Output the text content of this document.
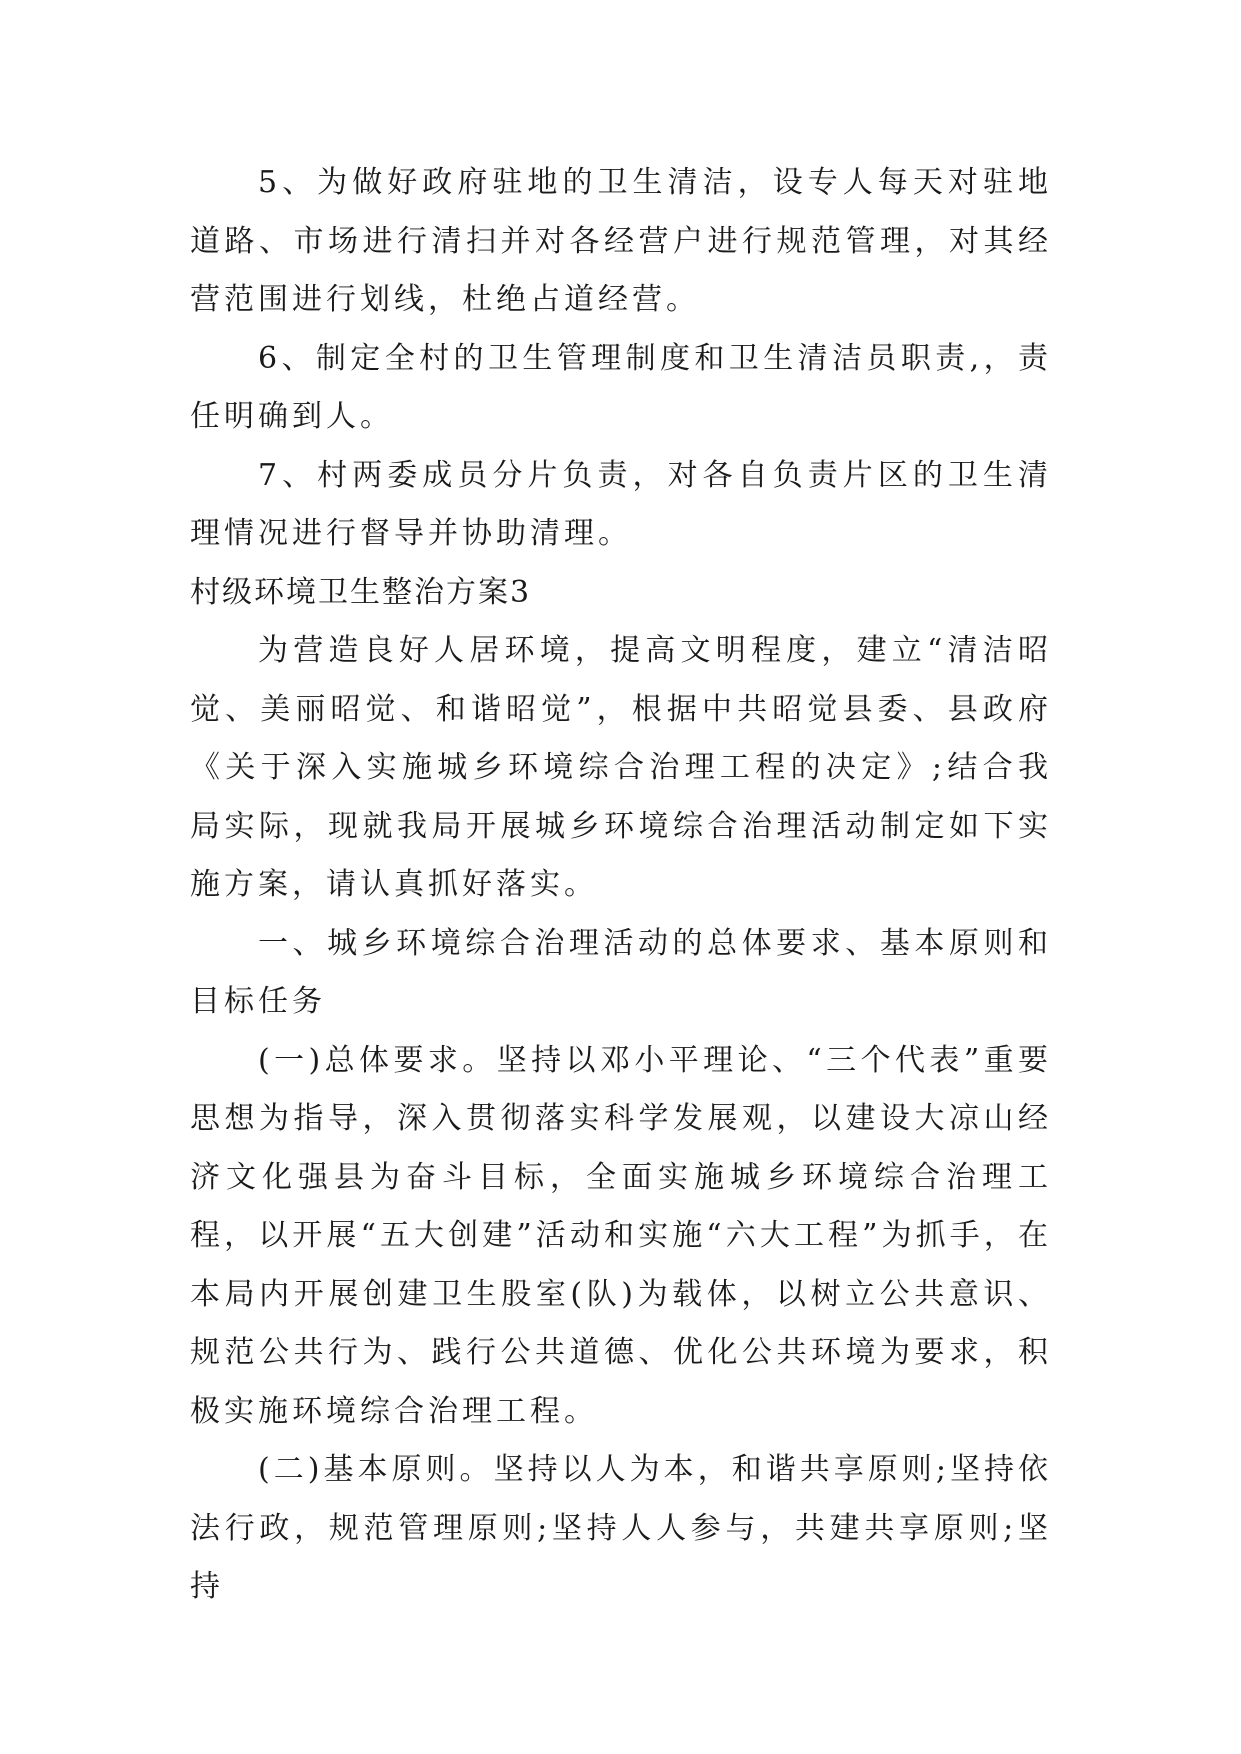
5、为做好政府驻地的卫生清洁，设专人每天对驻地道路、市场进行清扫并对各经营户进行规范管理，对其经营范围进行划线，杜绝占道经营。

6、制定全村的卫生管理制度和卫生清洁员职责,，责任明确到人。

7、村两委成员分片负责，对各自负责片区的卫生清理情况进行督导并协助清理。

村级环境卫生整治方案3

为营造良好人居环境，提高文明程度，建立“清洁昭觉、美丽昭觉、和谐昭觉”，根据中共昭觉县委、县政府《关于深入实施城乡环境综合治理工程的决定》;结合我局实际，现就我局开展城乡环境综合治理活动制定如下实施方案，请认真抓好落实。

一、城乡环境综合治理活动的总体要求、基本原则和目标任务

(一)总体要求。坚持以邓小平理论、“三个代表”重要思想为指导，深入贯彻落实科学发展观，以建设大凉山经济文化强县为奋斗目标，全面实施城乡环境综合治理工程，以开展“五大创建”活动和实施“六大工程”为抓手，在本局内开展创建卫生股室(队)为载体，以树立公共意识、规范公共行为、践行公共道德、优化公共环境为要求，积极实施环境综合治理工程。

(二)基本原则。坚持以人为本，和谐共享原则;坚持依法行政，规范管理原则;坚持人人参与，共建共享原则;坚持
